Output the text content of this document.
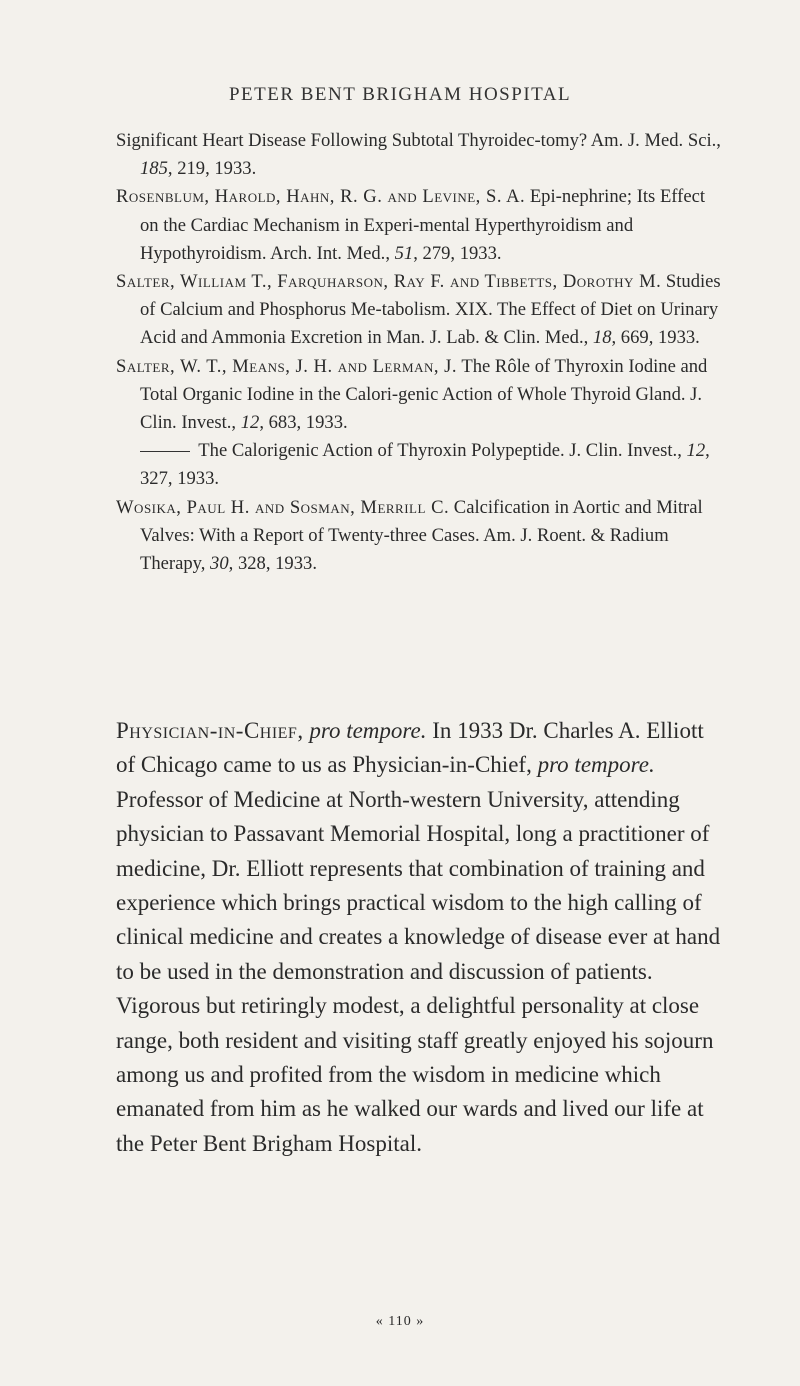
PETER BENT BRIGHAM HOSPITAL

Significant Heart Disease Following Subtotal Thyroidec-tomy? Am. J. Med. Sci., 185, 219, 1933.

Rosenblum, Harold, Hahn, R. G. and Levine, S. A. Epi-nephrine; Its Effect on the Cardiac Mechanism in Experi-mental Hyperthyroidism and Hypothyroidism. Arch. Int. Med., 51, 279, 1933.

Salter, William T., Farquharson, Ray F. and Tibbetts, Dorothy M. Studies of Calcium and Phosphorus Me-tabolism. XIX. The Effect of Diet on Urinary Acid and Ammonia Excretion in Man. J. Lab. & Clin. Med., 18, 669, 1933.

Salter, W. T., Means, J. H. and Lerman, J. The Rôle of Thyroxin Iodine and Total Organic Iodine in the Calori-genic Action of Whole Thyroid Gland. J. Clin. Invest., 12, 683, 1933.

The Calorigenic Action of Thyroxin Polypeptide. J. Clin. Invest., 12, 327, 1933.

Wosika, Paul H. and Sosman, Merrill C. Calcification in Aortic and Mitral Valves: With a Report of Twenty-three Cases. Am. J. Roent. & Radium Therapy, 30, 328, 1933.

Physician-in-Chief, pro tempore. In 1933 Dr. Charles A. Elliott of Chicago came to us as Physician-in-Chief, pro tempore. Professor of Medicine at North-western University, attending physician to Passavant Memorial Hospital, long a practitioner of medicine, Dr. Elliott represents that combination of training and experience which brings practical wisdom to the high calling of clinical medicine and creates a knowledge of disease ever at hand to be used in the demonstration and discussion of patients. Vigorous but retiringly modest, a delightful personality at close range, both resident and visiting staff greatly enjoyed his sojourn among us and profited from the wisdom in medicine which emanated from him as he walked our wards and lived our life at the Peter Bent Brigham Hospital.

« 110 »
